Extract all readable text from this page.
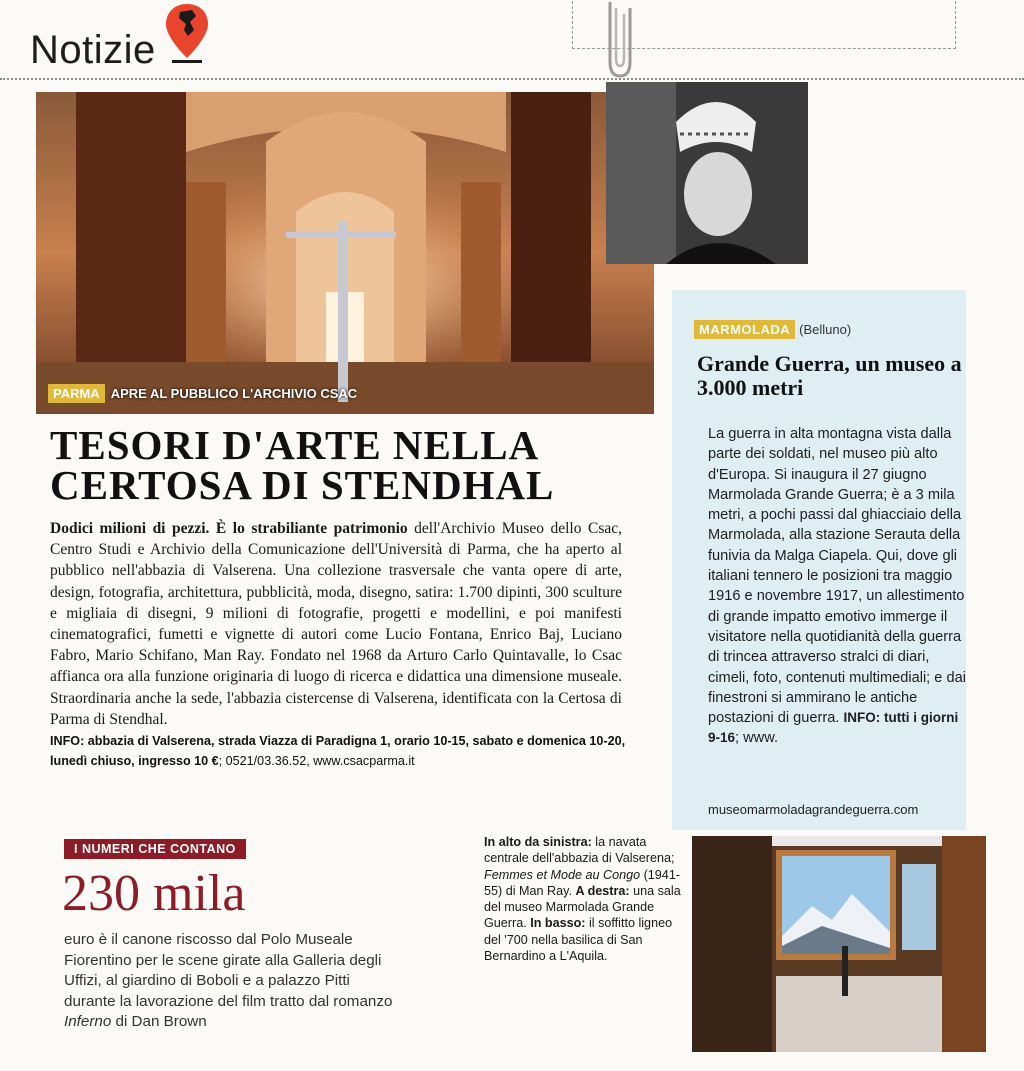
Notizie
PARMA APRE AL PUBBLICO L'ARCHIVIO CSAC
MARMOLADA (Belluno)
Grande Guerra, un museo a 3.000 metri
La guerra in alta montagna vista dalla parte dei soldati, nel museo più alto d'Europa. Si inaugura il 27 giugno Marmolada Grande Guerra; è a 3 mila metri, a pochi passi dal ghiacciaio della Marmolada, alla stazione Serauta della funivia da Malga Ciapela. Qui, dove gli italiani tennero le posizioni tra maggio 1916 e novembre 1917, un allestimento di grande impatto emotivo immerge il visitatore nella quotidianità della guerra di trincea attraverso stralci di diari, cimeli, foto, contenuti multimediali; e dai finestroni si ammirano le antiche postazioni di guerra. INFO: tutti i giorni 9-16; www.
museomarmoladagrandeguerra.com
TESORI D'ARTE NELLA
CERTOSA DI STENDHAL
Dodici milioni di pezzi. È lo strabiliante patrimonio dell'Archivio Museo dello Csac, Centro Studi e Archivio della Comunicazione dell'Università di Parma, che ha aperto al pubblico nell'abbazia di Valserena. Una collezione trasversale che vanta opere di arte, design, fotografia, architettura, pubblicità, moda, disegno, satira: 1.700 dipinti, 300 sculture e migliaia di disegni, 9 milioni di fotografie, progetti e modellini, e poi manifesti cinematografici, fumetti e vignette di autori come Lucio Fontana, Enrico Baj, Luciano Fabro, Mario Schifano, Man Ray. Fondato nel 1968 da Arturo Carlo Quintavalle, lo Csac affianca ora alla funzione originaria di luogo di ricerca e didattica una dimensione museale. Straordinaria anche la sede, l'abbazia cistercense di Valserena, identificata con la Certosa di Parma di Stendhal.
INFO: abbazia di Valserena, strada Viazza di Paradigna 1, orario 10-15, sabato e domenica 10-20, lunedì chiuso, ingresso 10 €; 0521/03.36.52, www.csacparma.it
I NUMERI CHE CONTANO
230 mila
euro è il canone riscosso dal Polo Museale Fiorentino per le scene girate alla Galleria degli Uffizi, al giardino di Boboli e a palazzo Pitti durante la lavorazione del film tratto dal romanzo Inferno di Dan Brown
In alto da sinistra: la navata centrale dell'abbazia di Valserena; Femmes et Mode au Congo (1941-55) di Man Ray. A destra: una sala del museo Marmolada Grande Guerra. In basso: il soffitto ligneo del '700 nella basilica di San Bernardino a L'Aquila.
